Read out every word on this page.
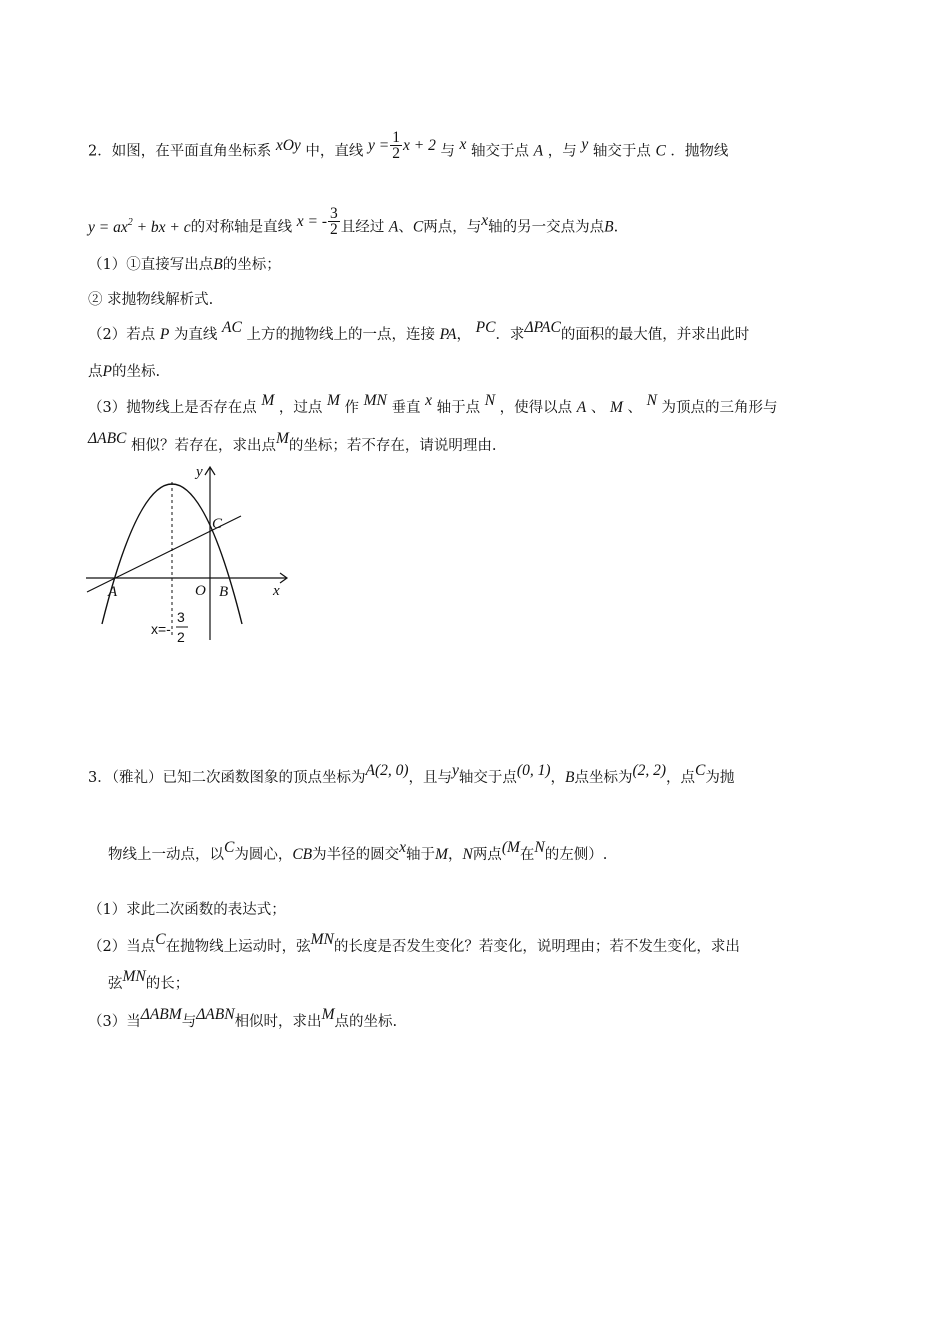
2．如图，在平面直角坐标系 xOy 中，直线 $y = \frac{1}{2}$ x + 2 与 x 轴交于点 A ，与 y 轴交于点 C ．抛物线
$y = ax^2$ + bx + c的对称轴是直线 x = - $\frac{3}{2}$ 且经过 A、C两点，与x轴的另一交点为点B.
（1）①直接写出点B的坐标；
② 求抛物线解析式.
（2）若点 P 为直线 AC 上方的抛物线上的一点，连接 PA， PC．求ΔPAC的面积的最大值，并求出此时
点P的坐标.
（3）抛物线上是否存在点 M ，过点 M 作 MN 垂直 x 轴于点 N ，使得以点 A 、 M 、 N 为顶点的三角形与
ΔABC 相似？若存在，求出点M的坐标；若不存在，请说明理由.
y
x
A	B
C
O
x=-
3
2
3．（雅礼）已知二次函数图象的顶点坐标为A(2, 0)，且与y轴交于点(0, 1)，B点坐标为(2, 2)，点C为抛
物线上一动点，以C为圆心，CB为半径的圆交x轴于M，N两点(M在N的左侧）.
（1）求此二次函数的表达式；
（2）当点C在抛物线上运动时，弦MN的长度是否发生变化？若变化，说明理由；若不发生变化，求出
弦MN的长；
（3）当ΔABM与ΔABN相似时，求出M点的坐标.
